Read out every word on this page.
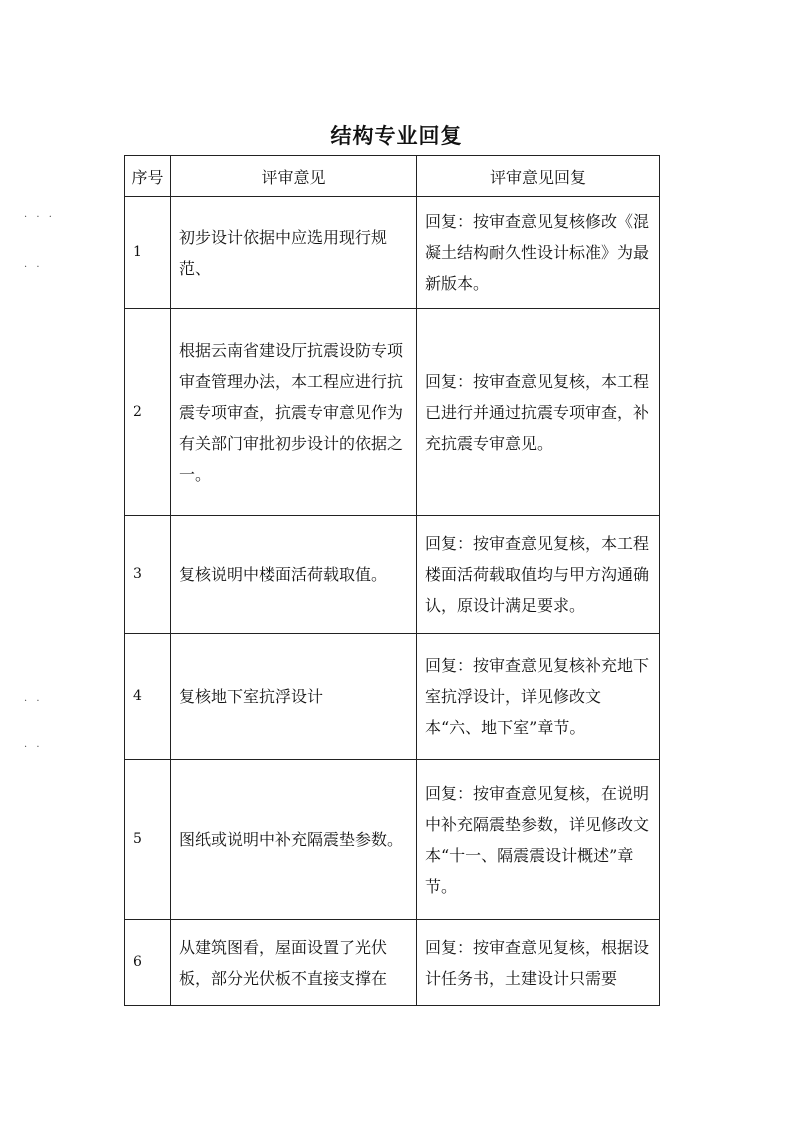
结构专业回复
· · ·
· ·
· ·
· ·
序号	评审意见	评审意见回复
1	初步设计依据中应选用现行规范、	回复：按审查意见复核修改《混凝土结构耐久性设计标准》为最新版本。
2	根据云南省建设厅抗震设防专项审查管理办法，本工程应进行抗震专项审查，抗震专审意见作为有关部门审批初步设计的依据之一。	回复：按审查意见复核，本工程已进行并通过抗震专项审查，补充抗震专审意见。
3	复核说明中楼面活荷载取值。	回复：按审查意见复核，本工程楼面活荷载取值均与甲方沟通确认，原设计满足要求。
4	复核地下室抗浮设计	回复：按审查意见复核补充地下室抗浮设计，详见修改文本“六、地下室”章节。
5	图纸或说明中补充隔震垫参数。	回复：按审查意见复核，在说明中补充隔震垫参数，详见修改文本“十一、隔震震设计概述”章节。
6	从建筑图看，屋面设置了光伏板，部分光伏板不直接支撑在	回复：按审查意见复核，根据设计任务书，土建设计只需要
